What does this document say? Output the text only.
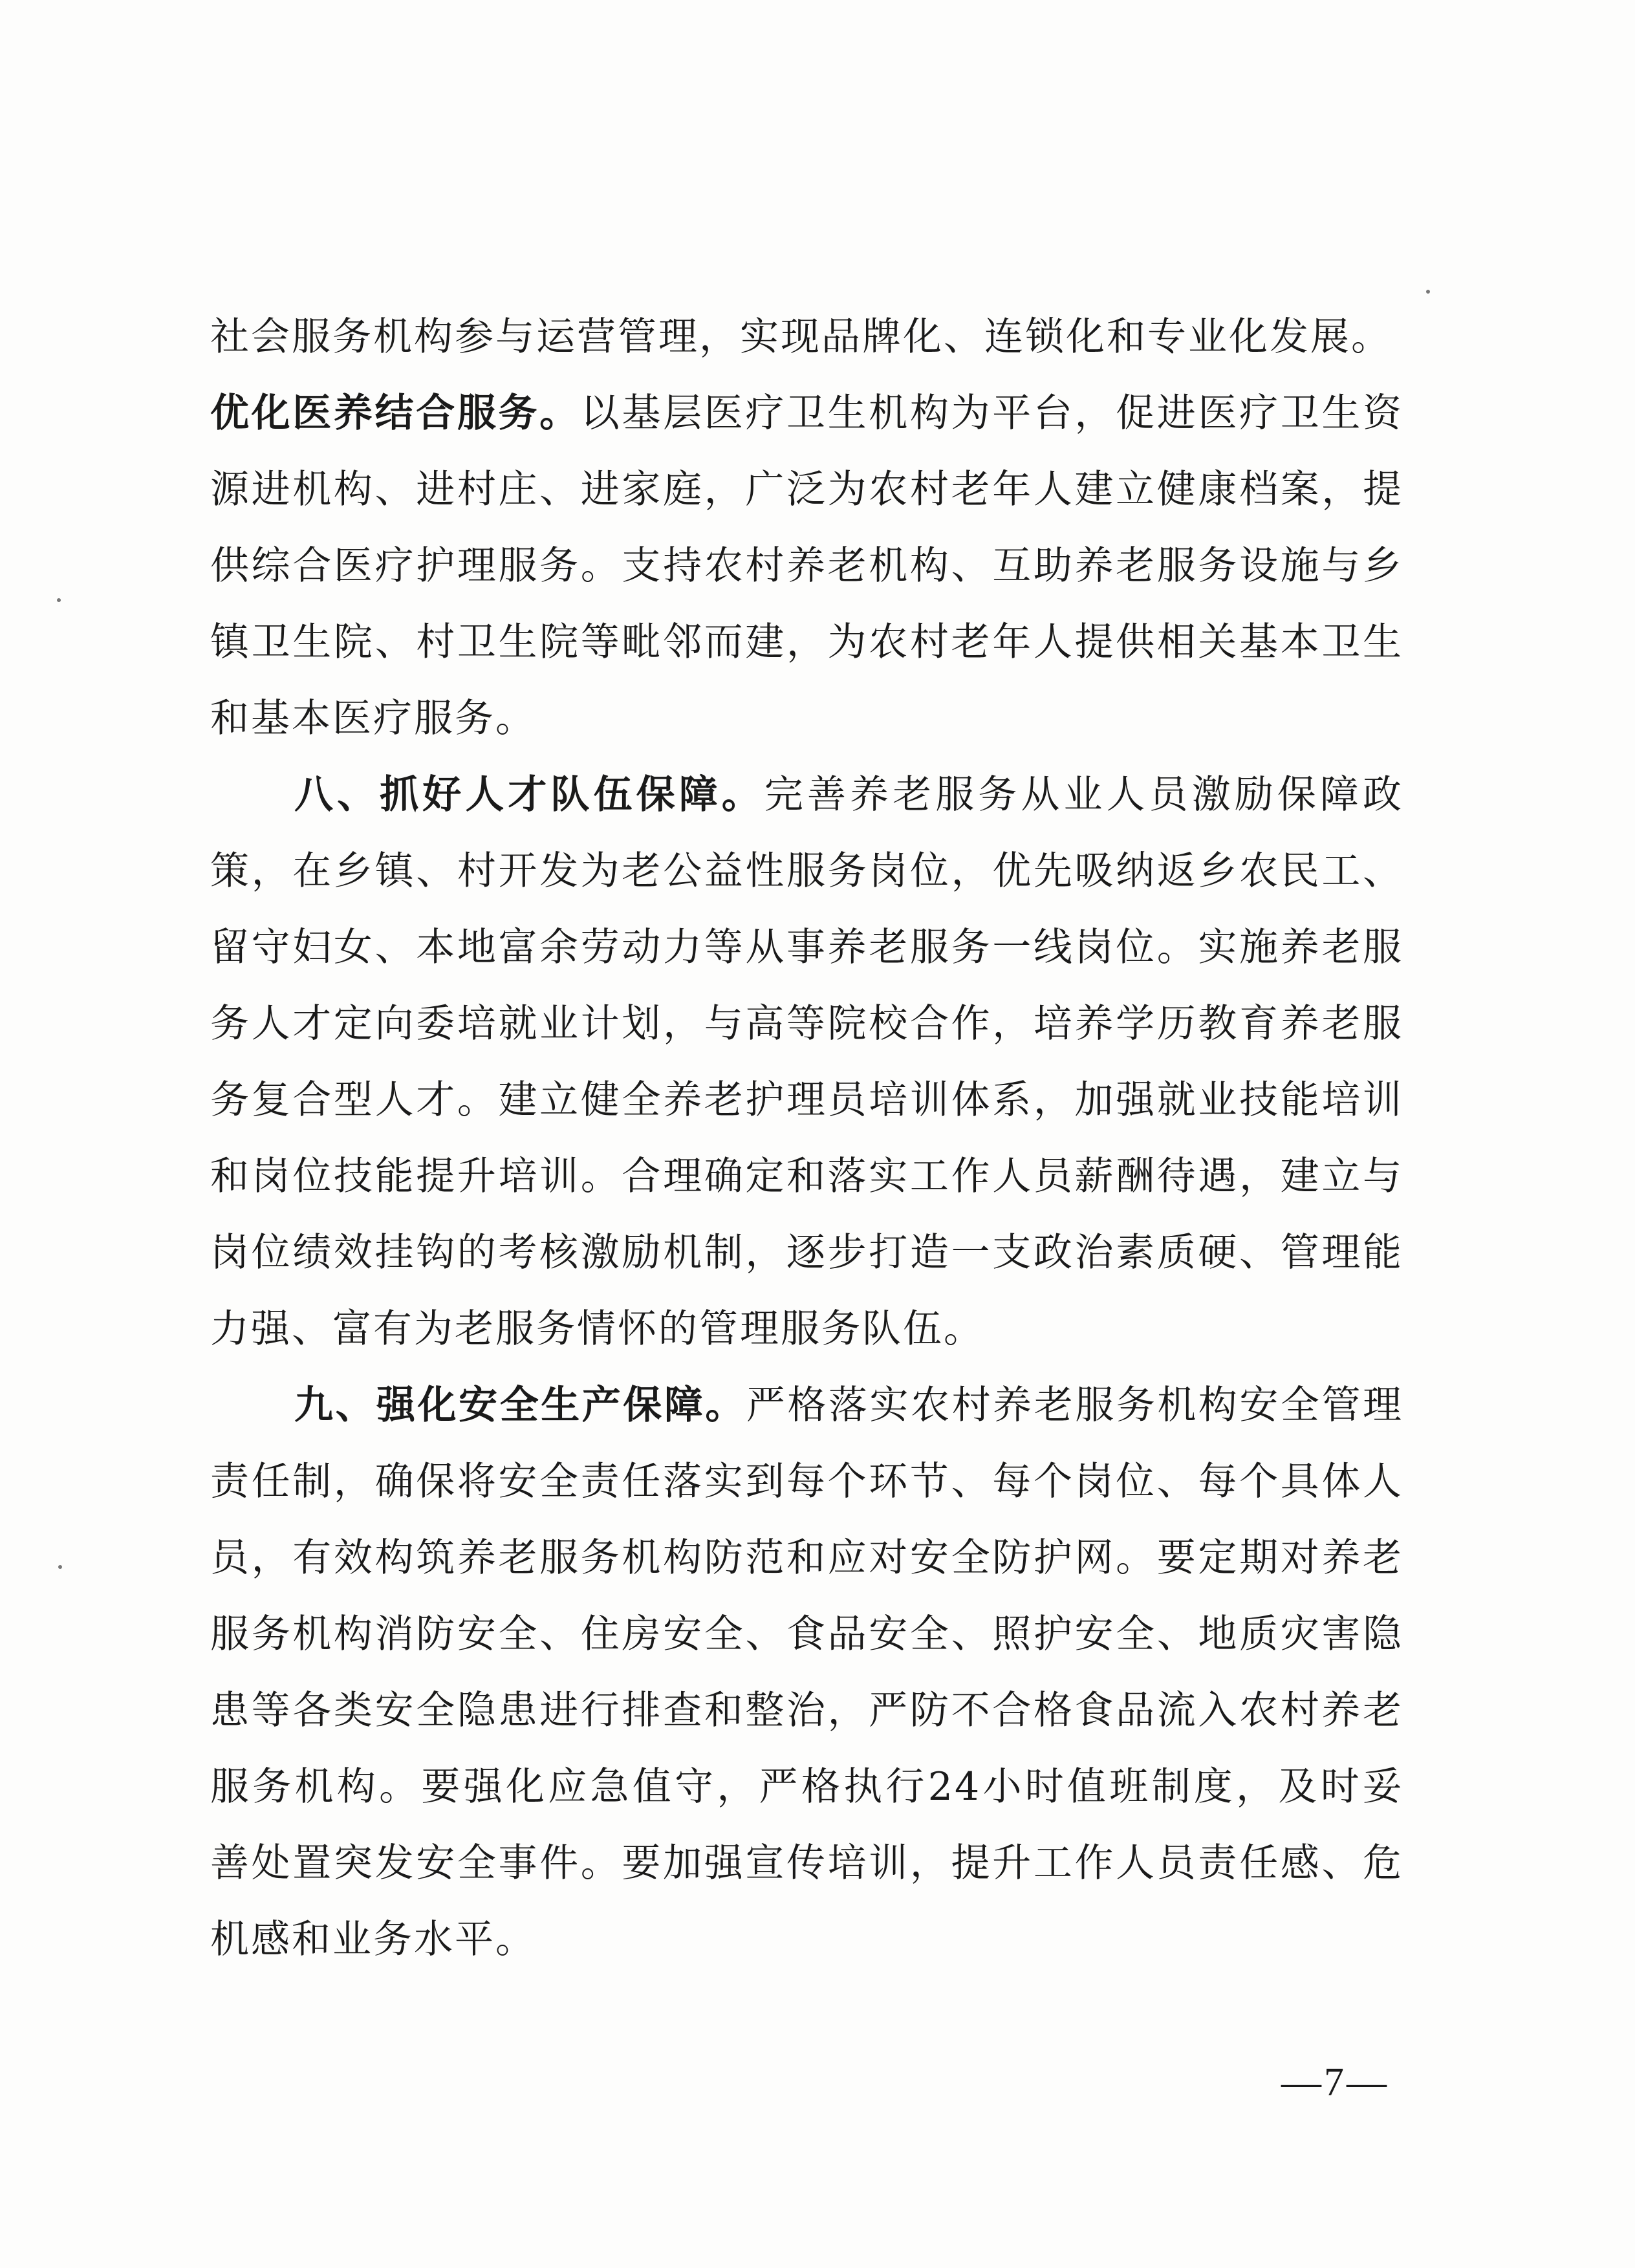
社会服务机构参与运营管理，实现品牌化、连锁化和专业化发展。

优化医养结合服务。以基层医疗卫生机构为平台，促进医疗卫生资源进机构、进村庄、进家庭，广泛为农村老年人建立健康档案，提供综合医疗护理服务。支持农村养老机构、互助养老服务设施与乡镇卫生院、村卫生院等毗邻而建，为农村老年人提供相关基本卫生和基本医疗服务。

八、抓好人才队伍保障。完善养老服务从业人员激励保障政策，在乡镇、村开发为老公益性服务岗位，优先吸纳返乡农民工、留守妇女、本地富余劳动力等从事养老服务一线岗位。实施养老服务人才定向委培就业计划，与高等院校合作，培养学历教育养老服务复合型人才。建立健全养老护理员培训体系，加强就业技能培训和岗位技能提升培训。合理确定和落实工作人员薪酬待遇，建立与岗位绩效挂钩的考核激励机制，逐步打造一支政治素质硬、管理能力强、富有为老服务情怀的管理服务队伍。

九、强化安全生产保障。严格落实农村养老服务机构安全管理责任制，确保将安全责任落实到每个环节、每个岗位、每个具体人员，有效构筑养老服务机构防范和应对安全防护网。要定期对养老服务机构消防安全、住房安全、食品安全、照护安全、地质灾害隐患等各类安全隐患进行排查和整治，严防不合格食品流入农村养老服务机构。要强化应急值守，严格执行24小时值班制度，及时妥善处置突发安全事件。要加强宣传培训，提升工作人员责任感、危机感和业务水平。

—7—
